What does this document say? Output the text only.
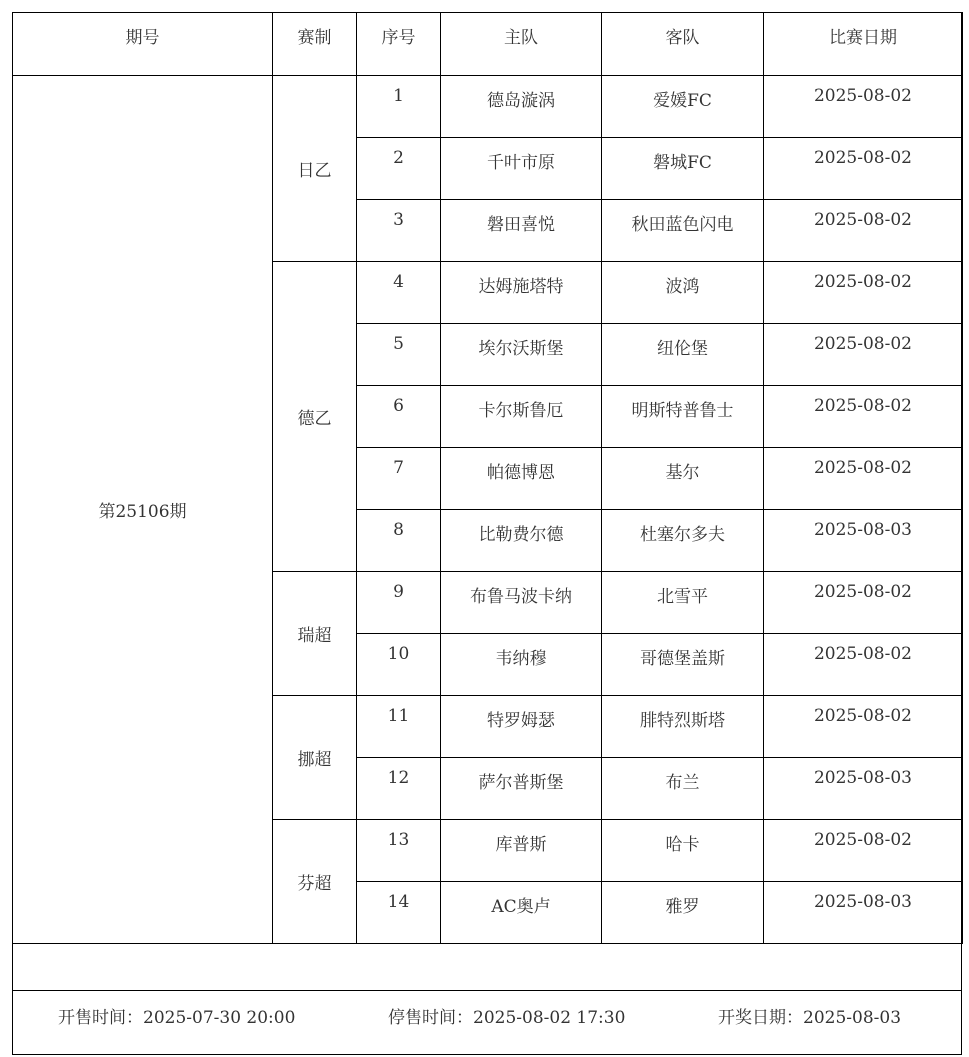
期号	赛制	序号	主队	客队	比赛日期
第25106期	日乙	1	德岛漩涡	爱媛FC	2025-08-02
		2	千叶市原	磐城FC	2025-08-02
		3	磐田喜悦	秋田蓝色闪电	2025-08-02
	德乙	4	达姆施塔特	波鸿	2025-08-02
		5	埃尔沃斯堡	纽伦堡	2025-08-02
		6	卡尔斯鲁厄	明斯特普鲁士	2025-08-02
		7	帕德博恩	基尔	2025-08-02
		8	比勒费尔德	杜塞尔多夫	2025-08-03
	瑞超	9	布鲁马波卡纳	北雪平	2025-08-02
		10	韦纳穆	哥德堡盖斯	2025-08-02
	挪超	11	特罗姆瑟	腓特烈斯塔	2025-08-02
		12	萨尔普斯堡	布兰	2025-08-03
	芬超	13	库普斯	哈卡	2025-08-02
		14	AC奥卢	雅罗	2025-08-03
开售时间：2025-07-30 20:00	停售时间：2025-08-02 17:30	开奖日期：2025-08-03
